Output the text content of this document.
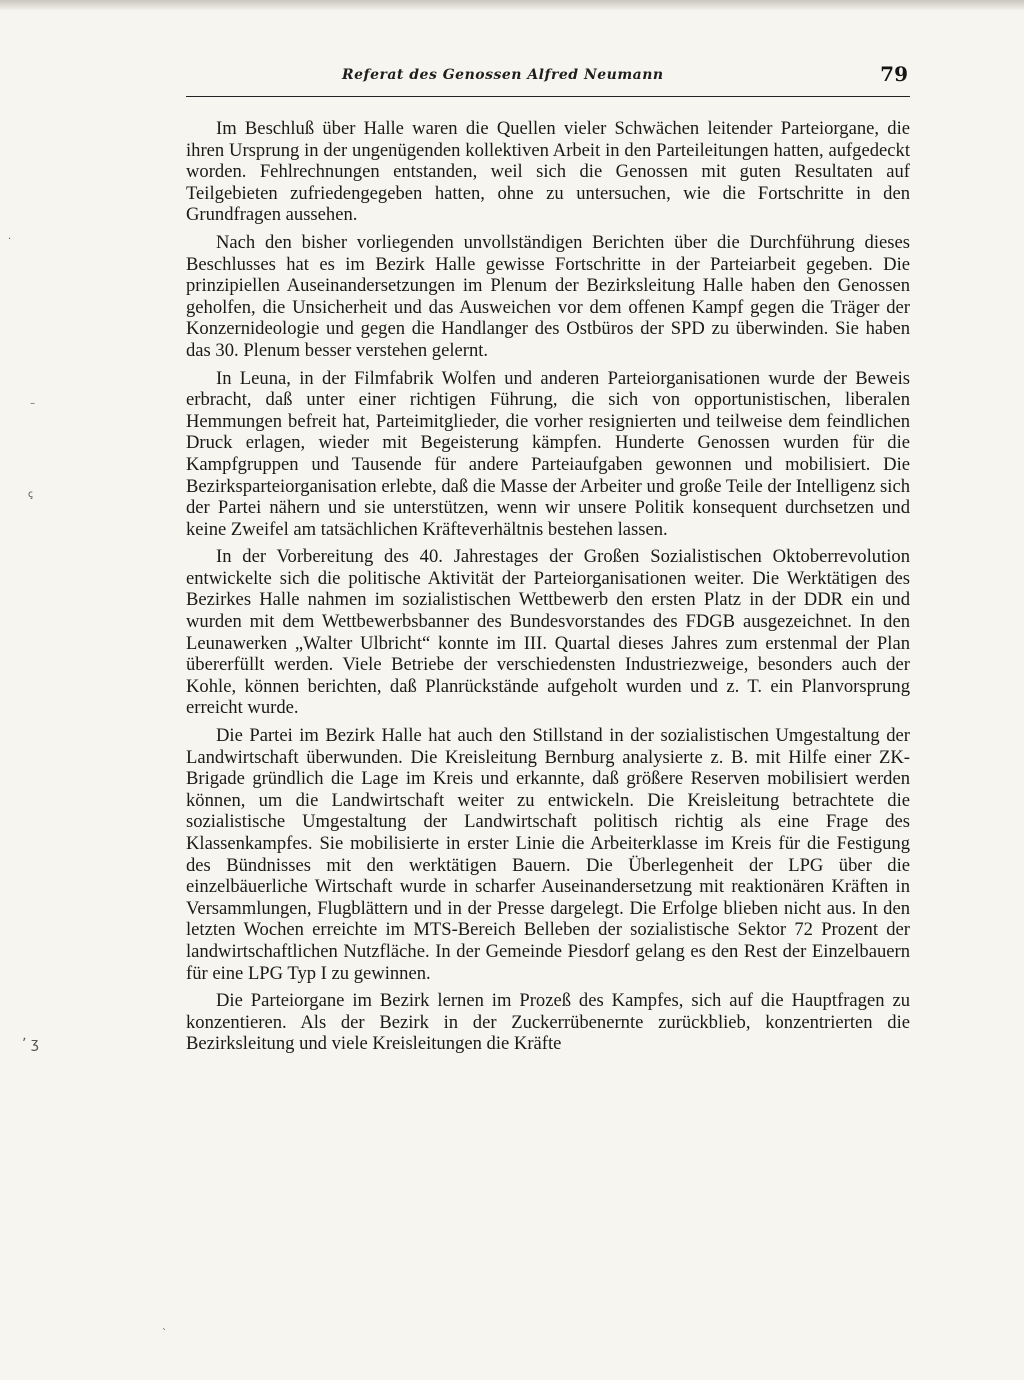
Referat des Genossen Alfred Neumann	79

Im Beschluß über Halle waren die Quellen vieler Schwächen leitender Parteiorgane, die ihren Ursprung in der ungenügenden kollektiven Arbeit in den Parteileitungen hatten, aufgedeckt worden. Fehlrechnungen entstanden, weil sich die Genossen mit guten Resultaten auf Teilgebieten zufriedengegeben hatten, ohne zu untersuchen, wie die Fortschritte in den Grundfragen aussehen.

Nach den bisher vorliegenden unvollständigen Berichten über die Durchführung dieses Beschlusses hat es im Bezirk Halle gewisse Fortschritte in der Parteiarbeit gegeben. Die prinzipiellen Auseinandersetzungen im Plenum der Bezirksleitung Halle haben den Genossen geholfen, die Unsicherheit und das Ausweichen vor dem offenen Kampf gegen die Träger der Konzernideologie und gegen die Handlanger des Ostbüros der SPD zu überwinden. Sie haben das 30. Plenum besser verstehen gelernt.

In Leuna, in der Filmfabrik Wolfen und anderen Parteiorganisationen wurde der Beweis erbracht, daß unter einer richtigen Führung, die sich von opportunistischen, liberalen Hemmungen befreit hat, Parteimitglieder, die vorher resignierten und teilweise dem feindlichen Druck erlagen, wieder mit Begeisterung kämpfen. Hunderte Genossen wurden für die Kampfgruppen und Tausende für andere Parteiaufgaben gewonnen und mobilisiert. Die Bezirksparteiorganisation erlebte, daß die Masse der Arbeiter und große Teile der Intelligenz sich der Partei nähern und sie unterstützen, wenn wir unsere Politik konsequent durchsetzen und keine Zweifel am tatsächlichen Kräfteverhältnis bestehen lassen.

In der Vorbereitung des 40. Jahrestages der Großen Sozialistischen Oktoberrevolution entwickelte sich die politische Aktivität der Parteiorganisationen weiter. Die Werktätigen des Bezirkes Halle nahmen im sozialistischen Wettbewerb den ersten Platz in der DDR ein und wurden mit dem Wettbewerbsbanner des Bundesvorstandes des FDGB ausgezeichnet. In den Leunawerken „Walter Ulbricht“ konnte im III. Quartal dieses Jahres zum erstenmal der Plan übererfüllt werden. Viele Betriebe der verschiedensten Industriezweige, besonders auch der Kohle, können berichten, daß Planrückstände aufgeholt wurden und z. T. ein Planvorsprung erreicht wurde.

Die Partei im Bezirk Halle hat auch den Stillstand in der sozialistischen Umgestaltung der Landwirtschaft überwunden. Die Kreisleitung Bernburg analysierte z. B. mit Hilfe einer ZK-Brigade gründlich die Lage im Kreis und erkannte, daß größere Reserven mobilisiert werden können, um die Landwirtschaft weiter zu entwickeln. Die Kreisleitung betrachtete die sozialistische Umgestaltung der Landwirtschaft politisch richtig als eine Frage des Klassenkampfes. Sie mobilisierte in erster Linie die Arbeiterklasse im Kreis für die Festigung des Bündnisses mit den werktätigen Bauern. Die Überlegenheit der LPG über die einzelbäuerliche Wirtschaft wurde in scharfer Auseinandersetzung mit reaktionären Kräften in Versammlungen, Flugblättern und in der Presse dargelegt. Die Erfolge blieben nicht aus. In den letzten Wochen erreichte im MTS-Bereich Belleben der sozialistische Sektor 72 Prozent der landwirtschaftlichen Nutzfläche. In der Gemeinde Piesdorf gelang es den Rest der Einzelbauern für eine LPG Typ I zu gewinnen.

Die Parteiorgane im Bezirk lernen im Prozeß des Kampfes, sich auf die Hauptfragen zu konzentieren. Als der Bezirk in der Zuckerrübenernte zurückblieb, konzentrierten die Bezirksleitung und viele Kreisleitungen die Kräfte

ꞔ
ʼ ʒ
·
–
ˋ
